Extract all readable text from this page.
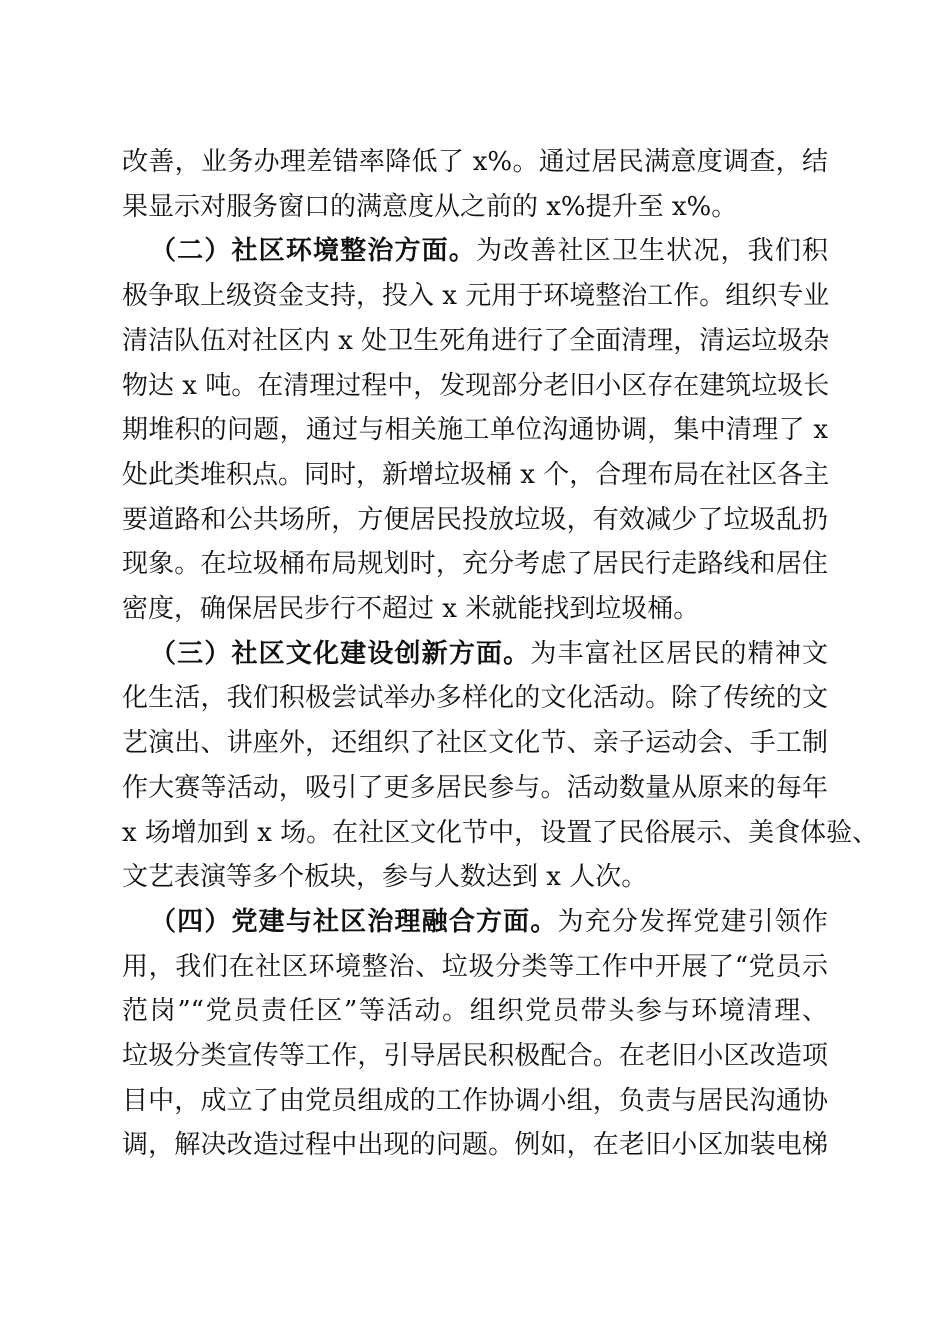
改善，业务办理差错率降低了 x%。通过居民满意度调查，结
果显示对服务窗口的满意度从之前的 x%提升至 x%。
（二）社区环境整治方面。为改善社区卫生状况，我们积
极争取上级资金支持，投入 x 元用于环境整治工作。组织专业
清洁队伍对社区内 x 处卫生死角进行了全面清理，清运垃圾杂
物达 x 吨。在清理过程中，发现部分老旧小区存在建筑垃圾长
期堆积的问题，通过与相关施工单位沟通协调，集中清理了 x
处此类堆积点。同时，新增垃圾桶 x 个，合理布局在社区各主
要道路和公共场所，方便居民投放垃圾，有效减少了垃圾乱扔
现象。在垃圾桶布局规划时，充分考虑了居民行走路线和居住
密度，确保居民步行不超过 x 米就能找到垃圾桶。
（三）社区文化建设创新方面。为丰富社区居民的精神文
化生活，我们积极尝试举办多样化的文化活动。除了传统的文
艺演出、讲座外，还组织了社区文化节、亲子运动会、手工制
作大赛等活动，吸引了更多居民参与。活动数量从原来的每年
x 场增加到 x 场。在社区文化节中，设置了民俗展示、美食体验、
文艺表演等多个板块，参与人数达到 x 人次。
（四）党建与社区治理融合方面。为充分发挥党建引领作
用，我们在社区环境整治、垃圾分类等工作中开展了“党员示
范岗”“党员责任区”等活动。组织党员带头参与环境清理、
垃圾分类宣传等工作，引导居民积极配合。在老旧小区改造项
目中，成立了由党员组成的工作协调小组，负责与居民沟通协
调，解决改造过程中出现的问题。例如，在老旧小区加装电梯
